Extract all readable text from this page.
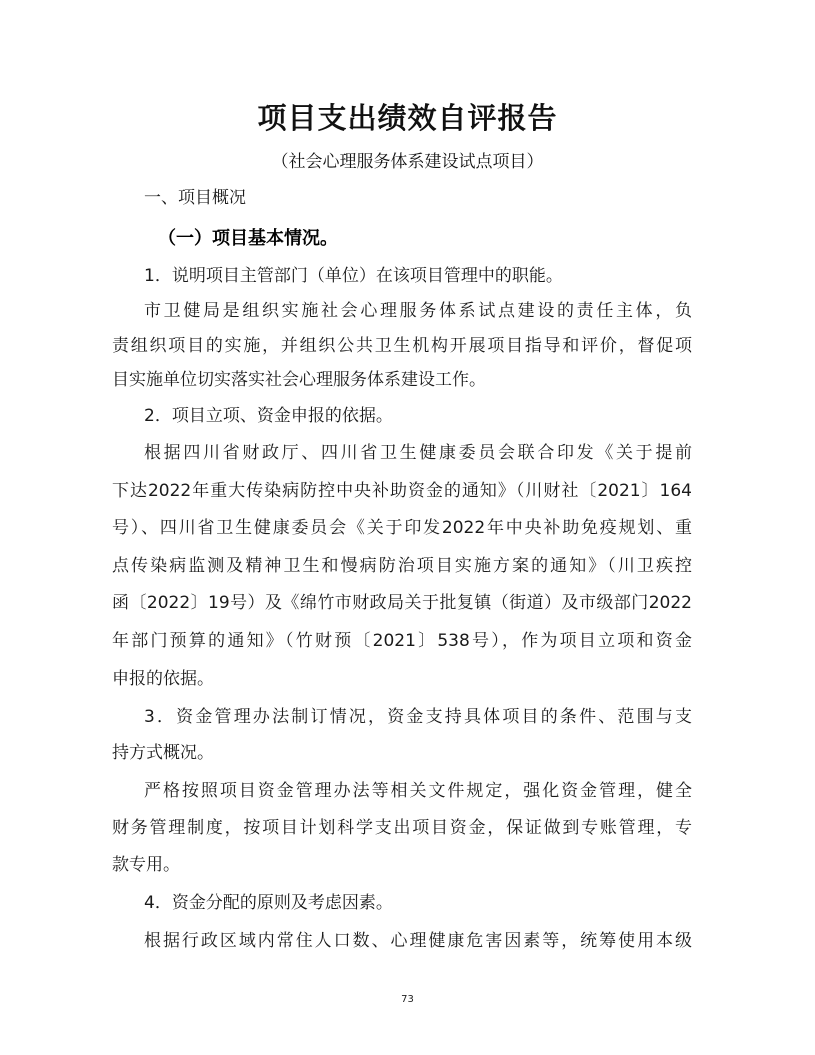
项目支出绩效自评报告
（社会心理服务体系建设试点项目）
一、项目概况
（一）项目基本情况。
1．说明项目主管部门（单位）在该项目管理中的职能。
市卫健局是组织实施社会心理服务体系试点建设的责任主体，负
责组织项目的实施，并组织公共卫生机构开展项目指导和评价，督促项
目实施单位切实落实社会心理服务体系建设工作。
2．项目立项、资金申报的依据。
根据四川省财政厅、四川省卫生健康委员会联合印发《关于提前
下达2022年重大传染病防控中央补助资金的通知》（川财社〔2021〕164
号）、四川省卫生健康委员会《关于印发2022年中央补助免疫规划、重
点传染病监测及精神卫生和慢病防治项目实施方案的通知》（川卫疾控
函〔2022〕19号）及《绵竹市财政局关于批复镇（街道）及市级部门2022
年部门预算的通知》（竹财预〔2021〕538号），作为项目立项和资金
申报的依据。
3．资金管理办法制订情况，资金支持具体项目的条件、范围与支
持方式概况。
严格按照项目资金管理办法等相关文件规定，强化资金管理，健全
财务管理制度，按项目计划科学支出项目资金，保证做到专账管理，专
款专用。
4．资金分配的原则及考虑因素。
根据行政区域内常住人口数、心理健康危害因素等，统筹使用本级
73
